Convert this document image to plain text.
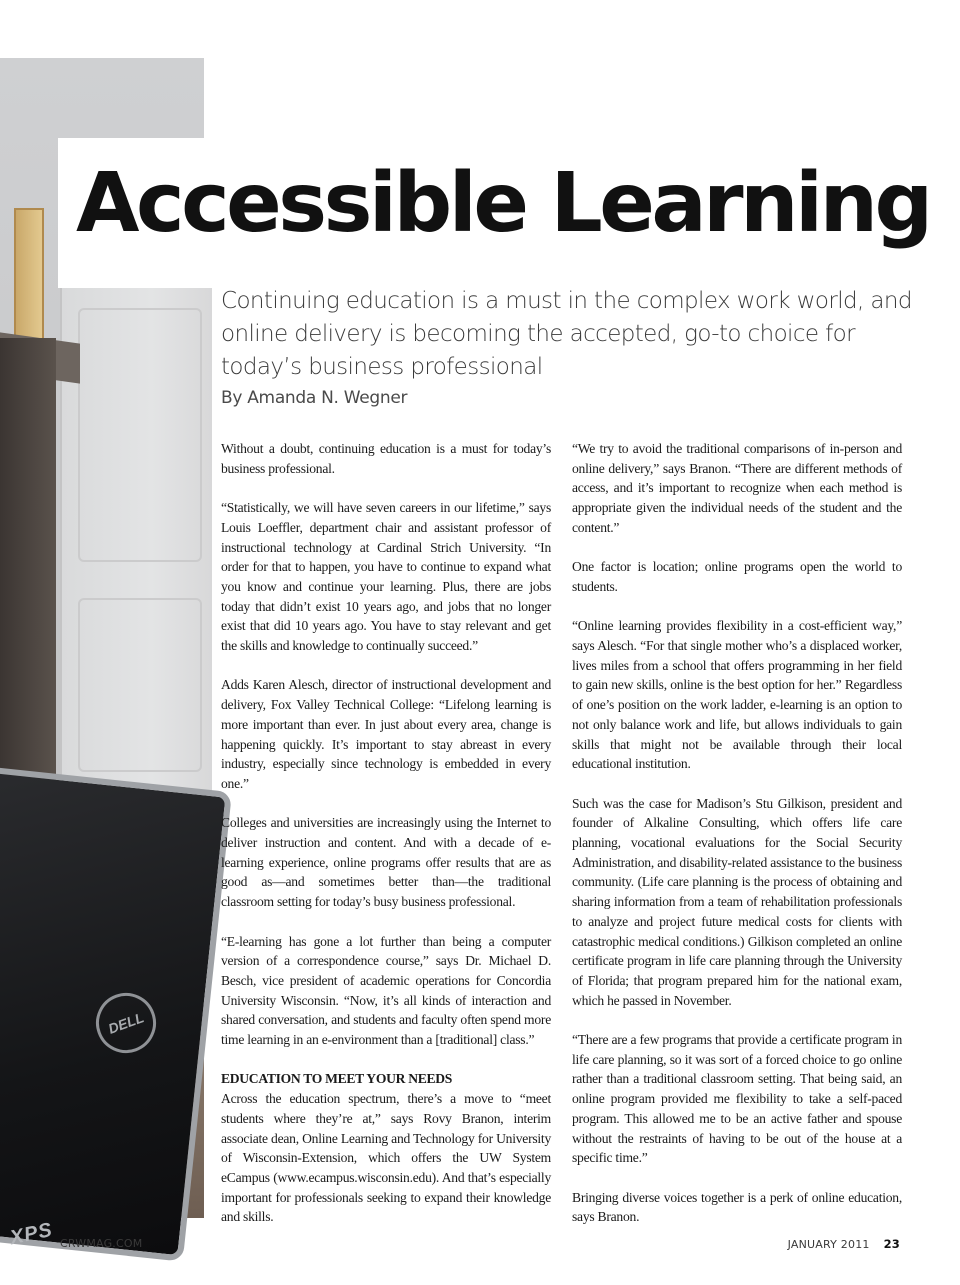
DELL
XPS
Accessible Learning

Continuing education is a must in the complex work world, and online delivery is becoming the accepted, go-to choice for today’s business professional

By Amanda N. Wegner

Without a doubt, continuing education is a must for today’s business professional.

“Statistically, we will have seven careers in our lifetime,” says Louis Loeffler, department chair and assistant professor of instructional technology at Cardinal Strich University. “In order for that to happen, you have to continue to expand what you know and continue your learning. Plus, there are jobs today that didn’t exist 10 years ago, and jobs that no longer exist that did 10 years ago. You have to stay relevant and get the skills and knowledge to continually succeed.”

Adds Karen Alesch, director of instructional development and delivery, Fox Valley Technical College: “Lifelong learning is more important than ever. In just about every area, change is happening quickly. It’s important to stay abreast in every industry, especially since technology is embedded in every one.”

Colleges and universities are increasingly using the Internet to deliver instruction and content. And with a decade of e-learning experience, online programs offer results that are as good as—and sometimes better than—the traditional classroom setting for today’s busy business professional.

“E-learning has gone a lot further than being a computer version of a correspondence course,” says Dr. Michael D. Besch, vice president of academic operations for Concordia University Wisconsin. “Now, it’s all kinds of interaction and shared conversation, and students and faculty often spend more time learning in an e-environment than a [traditional] class.”

EDUCATION TO MEET YOUR NEEDS

Across the education spectrum, there’s a move to “meet students where they’re at,” says Rovy Branon, interim associate dean, Online Learning and Technology for University of Wisconsin-Extension, which offers the UW System eCampus (www.ecampus.wisconsin.edu). And that’s especially important for professionals seeking to expand their knowledge and skills.

“We try to avoid the traditional comparisons of in-person and online delivery,” says Branon. “There are different methods of access, and it’s important to recognize when each method is appropriate given the individual needs of the student and the content.”

One factor is location; online programs open the world to students.

“Online learning provides flexibility in a cost-efficient way,” says Alesch. “For that single mother who’s a displaced worker, lives miles from a school that offers programming in her field to gain new skills, online is the best option for her.” Regardless of one’s position on the work ladder, e-learning is an option to not only balance work and life, but allows individuals to gain skills that might not be available through their local educational institution.

Such was the case for Madison’s Stu Gilkison, president and founder of Alkaline Consulting, which offers life care planning, vocational evaluations for the Social Security Administration, and disability-related assistance to the business community. (Life care planning is the process of obtaining and sharing information from a team of rehabilitation professionals to analyze and project future medical costs for clients with catastrophic medical conditions.) Gilkison completed an online certificate program in life care planning through the University of Florida; that program prepared him for the national exam, which he passed in November.

“There are a few programs that provide a certificate program in life care planning, so it was sort of a forced choice to go online rather than a traditional classroom setting. That being said, an online program provided me flexibility to take a self-paced program. This allowed me to be an active father and spouse without the restraints of having to be out of the house at a specific time.”

Bringing diverse voices together is a perk of online education, says Branon.

CRWMAG.COM	JANUARY 2011 23
